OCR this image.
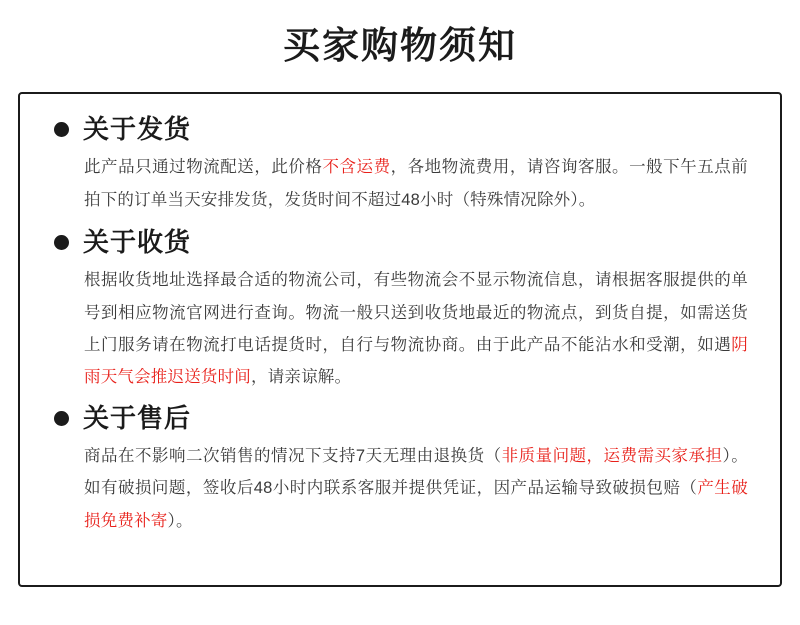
买家购物须知
关于发货
此产品只通过物流配送，此价格不含运费，各地物流费用，请咨询客服。一般下午五点前拍下的订单当天安排发货，发货时间不超过48小时（特殊情况除外）。
关于收货
根据收货地址选择最合适的物流公司，有些物流会不显示物流信息，请根据客服提供的单号到相应物流官网进行查询。物流一般只送到收货地最近的物流点，到货自提，如需送货上门服务请在物流打电话提货时，自行与物流协商。由于此产品不能沾水和受潮，如遇阴雨天气会推迟送货时间，请亲谅解。
关于售后
商品在不影响二次销售的情况下支持7天无理由退换货（非质量问题，运费需买家承担）。如有破损问题，签收后48小时内联系客服并提供凭证，因产品运输导致破损包赔（产生破损免费补寄）。
